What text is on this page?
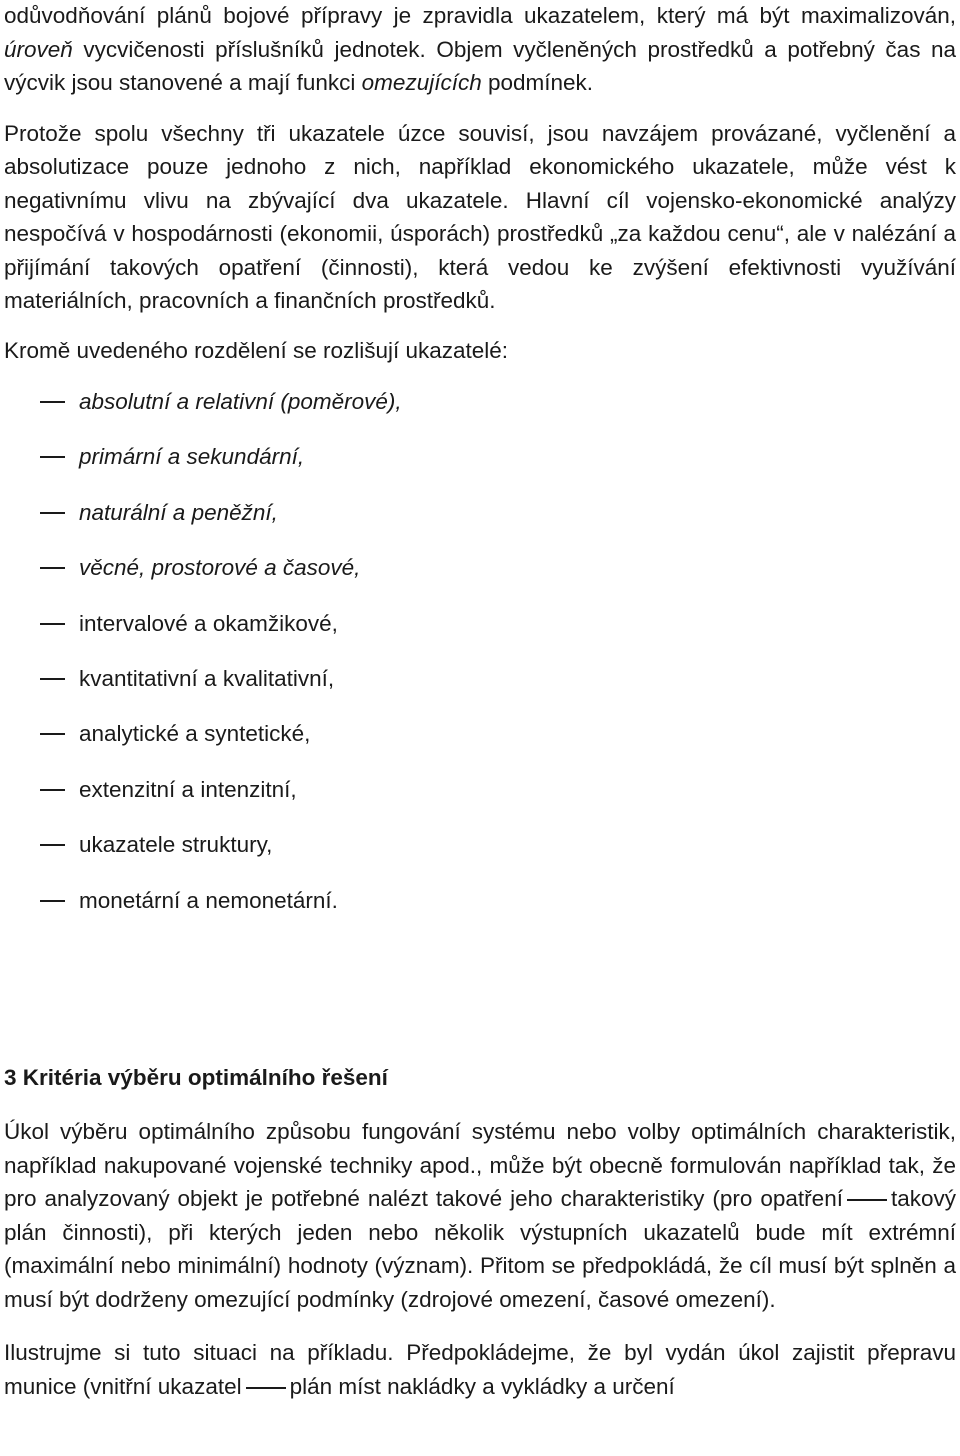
odůvodňování plánů bojové přípravy je zpravidla ukazatelem, který má být maximalizován, úroveň vycvičenosti příslušníků jednotek. Objem vyčleněných prostředků a potřebný čas na výcvik jsou stanovené a mají funkci omezujících podmínek.

Protože spolu všechny tři ukazatele úzce souvisí, jsou navzájem provázané, vyčlenění a absolutizace pouze jednoho z nich, například ekonomického ukazatele, může vést k negativnímu vlivu na zbývající dva ukazatele. Hlavní cíl vojensko-ekonomické analýzy nespočívá v hospodárnosti (ekonomii, úsporách) prostředků „za každou cenu“, ale v nalézání a přijímání takových opatření (činnosti), která vedou ke zvýšení efektivnosti využívání materiálních, pracovních a finančních prostředků.

Kromě uvedeného rozdělení se rozlišují ukazatelé:

absolutní a relativní (poměrové),
primární a sekundární,
naturální a peněžní,
věcné, prostorové a časové,
intervalové a okamžikové,
kvantitativní a kvalitativní,
analytické a syntetické,
extenzitní a intenzitní,
ukazatele struktury,
monetární a nemonetární.
3 Kritéria výběru optimálního řešení

Úkol výběru optimálního způsobu fungování systému nebo volby optimálních charakteristik, například nakupované vojenské techniky apod., může být obecně formulován například tak, že pro analyzovaný objekt je potřebné nalézt takové jeho charakteristiky (pro opatření takový plán činnosti), při kterých jeden nebo několik výstupních ukazatelů bude mít extrémní (maximální nebo minimální) hodnoty (význam). Přitom se předpokládá, že cíl musí být splněn a musí být dodrženy omezující podmínky (zdrojové omezení, časové omezení).

Ilustrujme si tuto situaci na příkladu. Předpokládejme, že byl vydán úkol zajistit přepravu munice (vnitřní ukazatel plán míst nakládky a vykládky a určení
